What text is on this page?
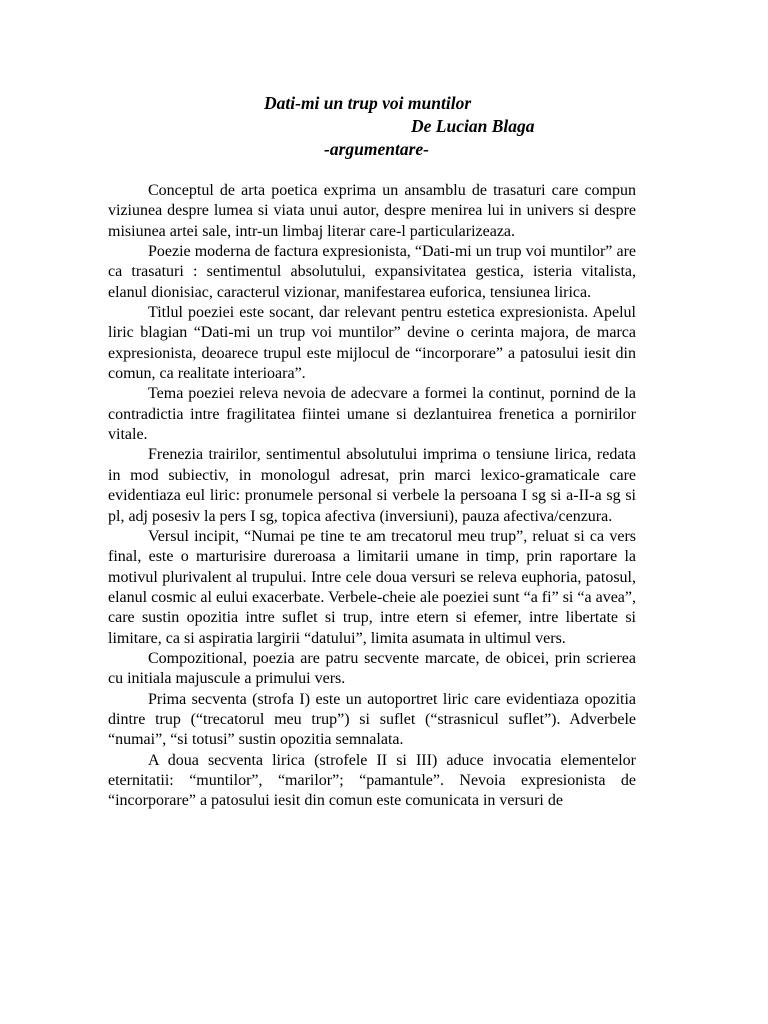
Dati-mi un trup voi muntilor
De Lucian Blaga
-argumentare-

Conceptul de arta poetica exprima un ansamblu de trasaturi care compun viziunea despre lumea si viata unui autor, despre menirea lui in univers si despre misiunea artei sale, intr-un limbaj literar care-l particularizeaza.

Poezie moderna de factura expresionista, “Dati-mi un trup voi muntilor” are ca trasaturi : sentimentul absolutului, expansivitatea gestica, isteria vitalista, elanul dionisiac, caracterul vizionar, manifestarea euforica, tensiunea lirica.

Titlul poeziei este socant, dar relevant pentru estetica expresionista. Apelul liric blagian “Dati-mi un trup voi muntilor” devine o cerinta majora, de marca expresionista, deoarece trupul este mijlocul de “incorporare” a patosului iesit din comun, ca realitate interioara”.

Tema poeziei releva nevoia de adecvare a formei la continut, pornind de la contradictia intre fragilitatea fiintei umane si dezlantuirea frenetica a pornirilor vitale.

Frenezia trairilor, sentimentul absolutului imprima o tensiune lirica, redata in mod subiectiv, in monologul adresat, prin marci lexico-gramaticale care evidentiaza eul liric: pronumele personal si verbele la persoana I sg si a-II-a sg si pl, adj posesiv la pers I sg, topica afectiva (inversiuni), pauza afectiva/cenzura.

Versul incipit, “Numai pe tine te am trecatorul meu trup”, reluat si ca vers final, este o marturisire dureroasa a limitarii umane in timp, prin raportare la motivul plurivalent al trupului. Intre cele doua versuri se releva euphoria, patosul, elanul cosmic al eului exacerbate. Verbele-cheie ale poeziei sunt “a fi” si “a avea”, care sustin opozitia intre suflet si trup, intre etern si efemer, intre libertate si limitare, ca si aspiratia largirii “datului”, limita asumata in ultimul vers.

Compozitional, poezia are patru secvente marcate, de obicei, prin scrierea cu initiala majuscule a primului vers.

Prima secventa (strofa I) este un autoportret liric care evidentiaza opozitia dintre trup (“trecatorul meu trup”) si suflet (“strasnicul suflet”). Adverbele “numai”, “si totusi” sustin opozitia semnalata.

A doua secventa lirica (strofele II si III) aduce invocatia elementelor eternitatii: “muntilor”, “marilor”; “pamantule”. Nevoia expresionista de “incorporare” a patosului iesit din comun este comunicata in versuri de
